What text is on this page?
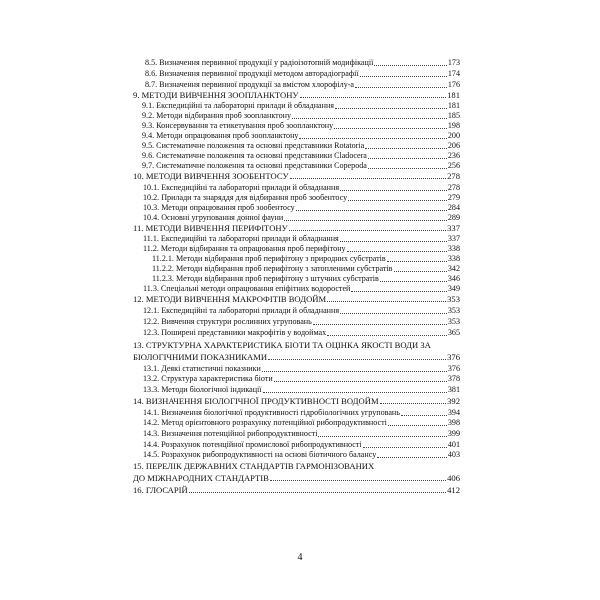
8.5. Визначення первинної продукції у радіоізотопній модифікації	173
8.6. Визначення первинної продукції методом авторадіографії	174
8.7. Визначення первинної продукції за вмістом хлорофілу-а	176
9. МЕТОДИ ВИВЧЕННЯ ЗООПЛАНКТОНУ	181
9.1. Експедиційні та лабораторні прилади й обладнання	181
9.2. Методи відбирання проб зоопланктону	185
9.3. Консервування та етикетування проб зоопланктону	198
9.4. Методи опрацювання проб зоопланктону	200
9.5. Систематичне положення та основні представники Rotatoria	206
9.6. Систематичне положення та основні представники Cladocera	236
9.7. Систематичне положення та основні представники Copepoda	256
10. МЕТОДИ ВИВЧЕННЯ ЗООБЕНТОСУ	278
10.1. Експедиційні та лабораторні прилади й обладнання	278
10.2. Прилади та знаряддя для відбирання проб зообентосу	279
10.3. Методи опрацювання проб зообентосу	284
10.4. Основні угруповання донної фауни	289
11. МЕТОДИ ВИВЧЕННЯ ПЕРИФІТОНУ	337
11.1. Експедиційні та лабораторні прилади й обладнання	337
11.2. Методи відбирання та опрацювання проб перифітону	338
11.2.1. Методи відбирання проб перифітону з природних субстратів	338
11.2.2. Методи відбирання проб перифітону з затопленими субстратів	342
11.2.3. Методи відбирання проб перифітону з штучних субстратів	346
11.3. Спеціальні методи опрацювання епіфітних водоростей	349
12. МЕТОДИ ВИВЧЕННЯ МАКРОФІТІВ ВОДОЙМ	353
12.1. Експедиційні та лабораторні прилади й обладнання	353
12.2. Вивчення структури рослинних угруповань	353
12.3. Поширені представники макрофітів у водоймах	365
13. СТРУКТУРНА ХАРАКТЕРИСТИКА БІОТИ ТА ОЦІНКА ЯКОСТІ ВОДИ ЗА
БІОЛОГІЧНИМИ ПОКАЗНИКАМИ	376
13.1. Деякі статистичні показники	376
13.2. Структура характеристика біоти	378
13.3. Методи біологічної індикації	381
14. ВИЗНАЧЕННЯ БІОЛОГІЧНОЇ ПРОДУКТИВНОСТІ ВОДОЙМ	392
14.1. Визначення біологічної продуктивності гідробіологічних угруповань	394
14.2. Метод орієнтовного розрахунку потенційної рибопродуктивності	398
14.3. Визначення потенційної рибопродуктивності	399
14.4. Розрахунок потенційної промислової рибопродуктивності	401
14.5. Розрахунок рибопродуктивності на основі біотичного балансу	403
15. ПЕРЕЛІК ДЕРЖАВНИХ СТАНДАРТІВ ГАРМОНІЗОВАНИХ
ДО МІЖНАРОДНИХ СТАНДАРТІВ	406
16. ГЛОСАРІЙ	412
4
